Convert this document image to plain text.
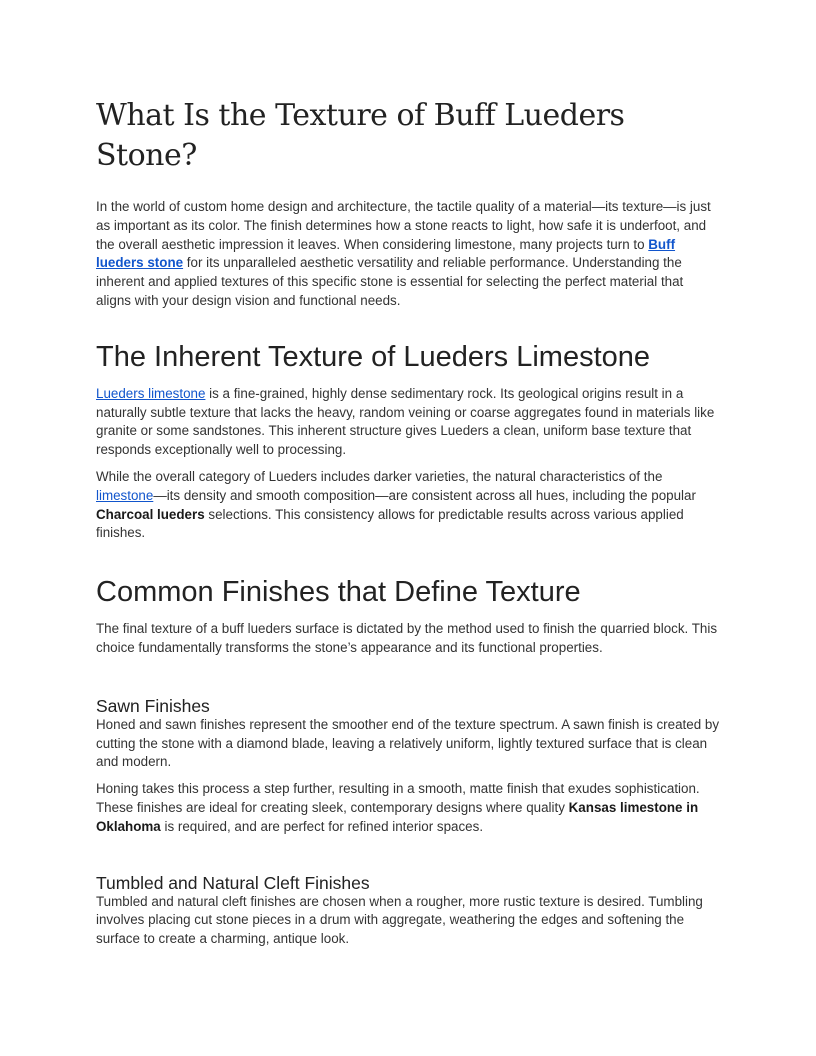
What Is the Texture of Buff Lueders Stone?

In the world of custom home design and architecture, the tactile quality of a material—its texture—is just as important as its color. The finish determines how a stone reacts to light, how safe it is underfoot, and the overall aesthetic impression it leaves. When considering limestone, many projects turn to Buff lueders stone for its unparalleled aesthetic versatility and reliable performance. Understanding the inherent and applied textures of this specific stone is essential for selecting the perfect material that aligns with your design vision and functional needs.

The Inherent Texture of Lueders Limestone

Lueders limestone is a fine-grained, highly dense sedimentary rock. Its geological origins result in a naturally subtle texture that lacks the heavy, random veining or coarse aggregates found in materials like granite or some sandstones. This inherent structure gives Lueders a clean, uniform base texture that responds exceptionally well to processing.

While the overall category of Lueders includes darker varieties, the natural characteristics of the limestone—its density and smooth composition—are consistent across all hues, including the popular Charcoal lueders selections. This consistency allows for predictable results across various applied finishes.

Common Finishes that Define Texture

The final texture of a buff lueders surface is dictated by the method used to finish the quarried block. This choice fundamentally transforms the stone’s appearance and its functional properties.

Sawn Finishes

Honed and sawn finishes represent the smoother end of the texture spectrum. A sawn finish is created by cutting the stone with a diamond blade, leaving a relatively uniform, lightly textured surface that is clean and modern.

Honing takes this process a step further, resulting in a smooth, matte finish that exudes sophistication. These finishes are ideal for creating sleek, contemporary designs where quality Kansas limestone in Oklahoma is required, and are perfect for refined interior spaces.

Tumbled and Natural Cleft Finishes

Tumbled and natural cleft finishes are chosen when a rougher, more rustic texture is desired. Tumbling involves placing cut stone pieces in a drum with aggregate, weathering the edges and softening the surface to create a charming, antique look.
